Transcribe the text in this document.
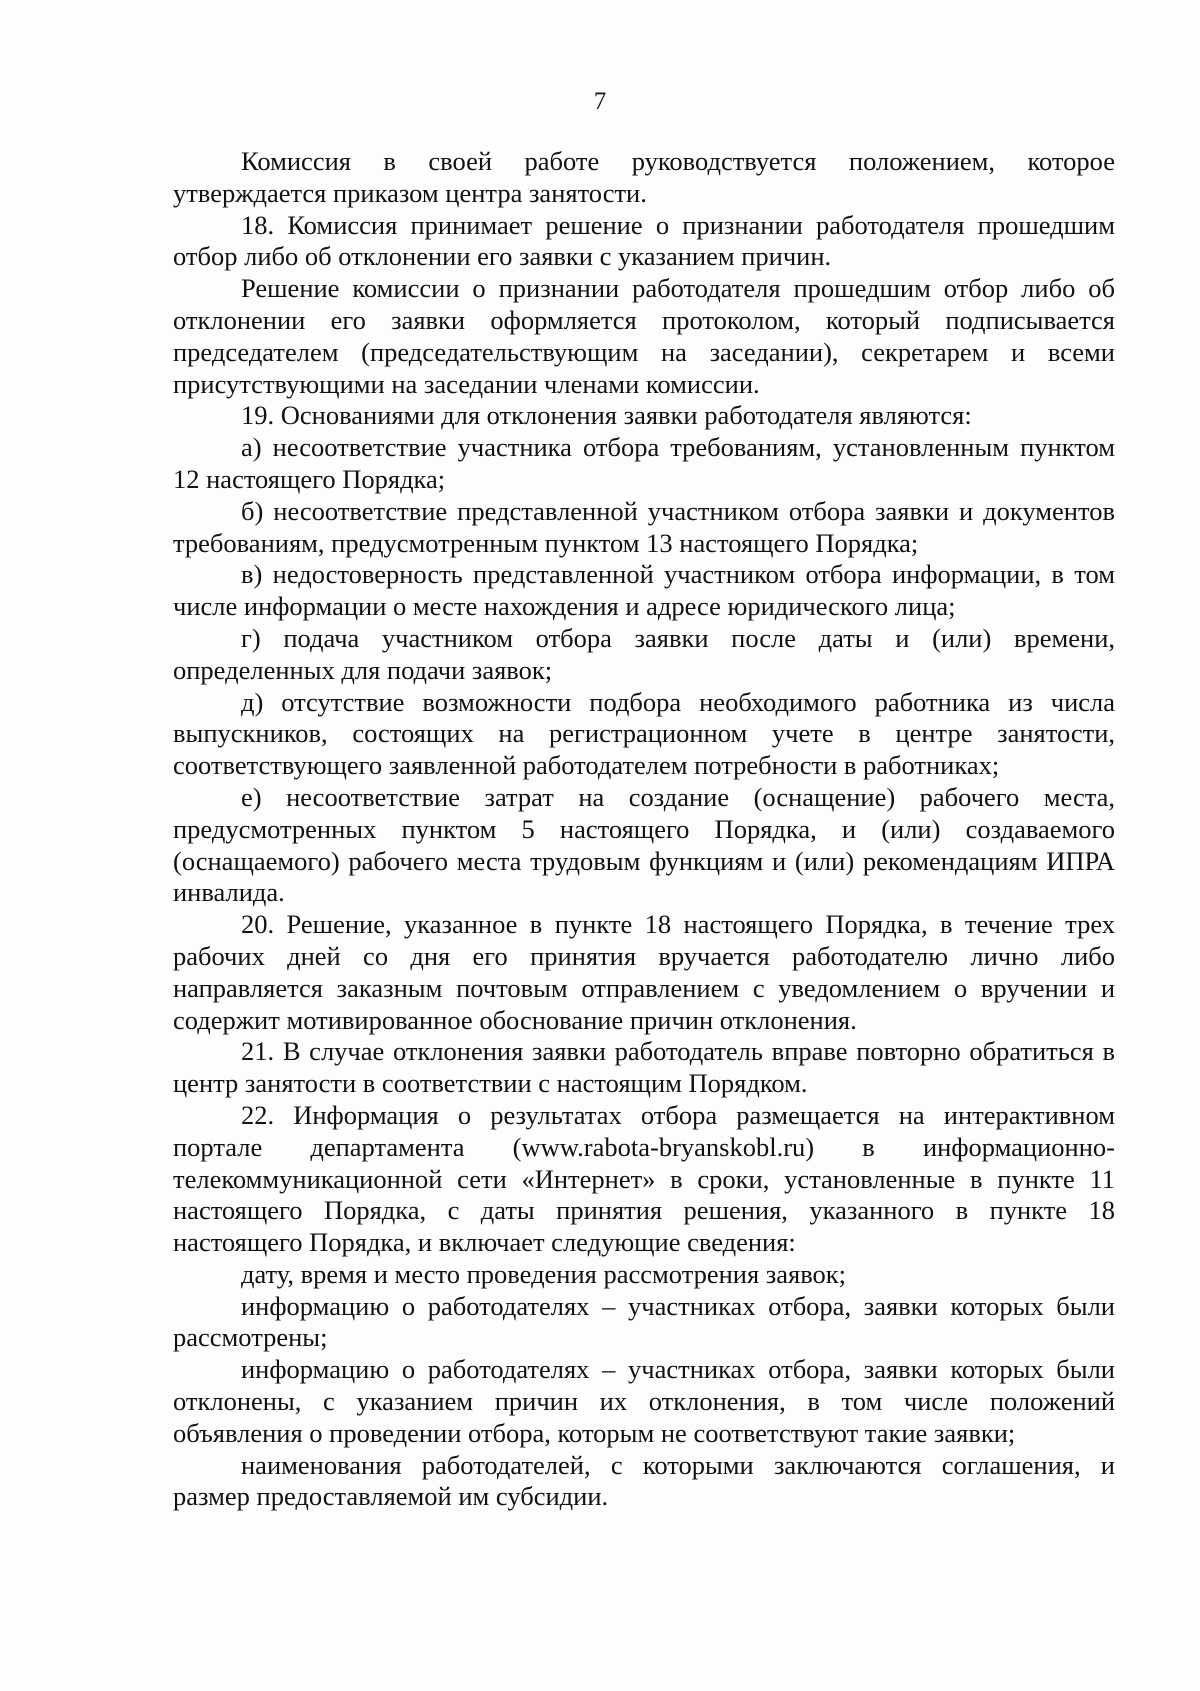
7

Комиссия в своей работе руководствуется положением, которое утверждается приказом центра занятости.

18. Комиссия принимает решение о признании работодателя прошедшим отбор либо об отклонении его заявки с указанием причин.

Решение комиссии о признании работодателя прошедшим отбор либо об отклонении его заявки оформляется протоколом, который подписывается председателем (председательствующим на заседании), секретарем и всеми присутствующими на заседании членами комиссии.

19. Основаниями для отклонения заявки работодателя являются:

а) несоответствие участника отбора требованиям, установленным пунктом 12 настоящего Порядка;

б) несоответствие представленной участником отбора заявки и документов требованиям, предусмотренным пунктом 13 настоящего Порядка;

в) недостоверность представленной участником отбора информации, в том числе информации о месте нахождения и адресе юридического лица;

г) подача участником отбора заявки после даты и (или) времени, определенных для подачи заявок;

д) отсутствие возможности подбора необходимого работника из числа выпускников, состоящих на регистрационном учете в центре занятости, соответствующего заявленной работодателем потребности в работниках;

е) несоответствие затрат на создание (оснащение) рабочего места, предусмотренных пунктом 5 настоящего Порядка, и (или) создаваемого (оснащаемого) рабочего места трудовым функциям и (или) рекомендациям ИПРА инвалида.

20. Решение, указанное в пункте 18 настоящего Порядка, в течение трех рабочих дней со дня его принятия вручается работодателю лично либо направляется заказным почтовым отправлением с уведомлением о вручении и содержит мотивированное обоснование причин отклонения.

21. В случае отклонения заявки работодатель вправе повторно обратиться в центр занятости в соответствии с настоящим Порядком.

22. Информация о результатах отбора размещается на интерактивном портале департамента (www.rabota-bryanskobl.ru) в информационно-телекоммуникационной сети «Интернет» в сроки, установленные в пункте 11 настоящего Порядка, с даты принятия решения, указанного в пункте 18 настоящего Порядка, и включает следующие сведения:

дату, время и место проведения рассмотрения заявок;

информацию о работодателях – участниках отбора, заявки которых были рассмотрены;

информацию о работодателях – участниках отбора, заявки которых были отклонены, с указанием причин их отклонения, в том числе положений объявления о проведении отбора, которым не соответствуют такие заявки;

наименования работодателей, с которыми заключаются соглашения, и размер предоставляемой им субсидии.
